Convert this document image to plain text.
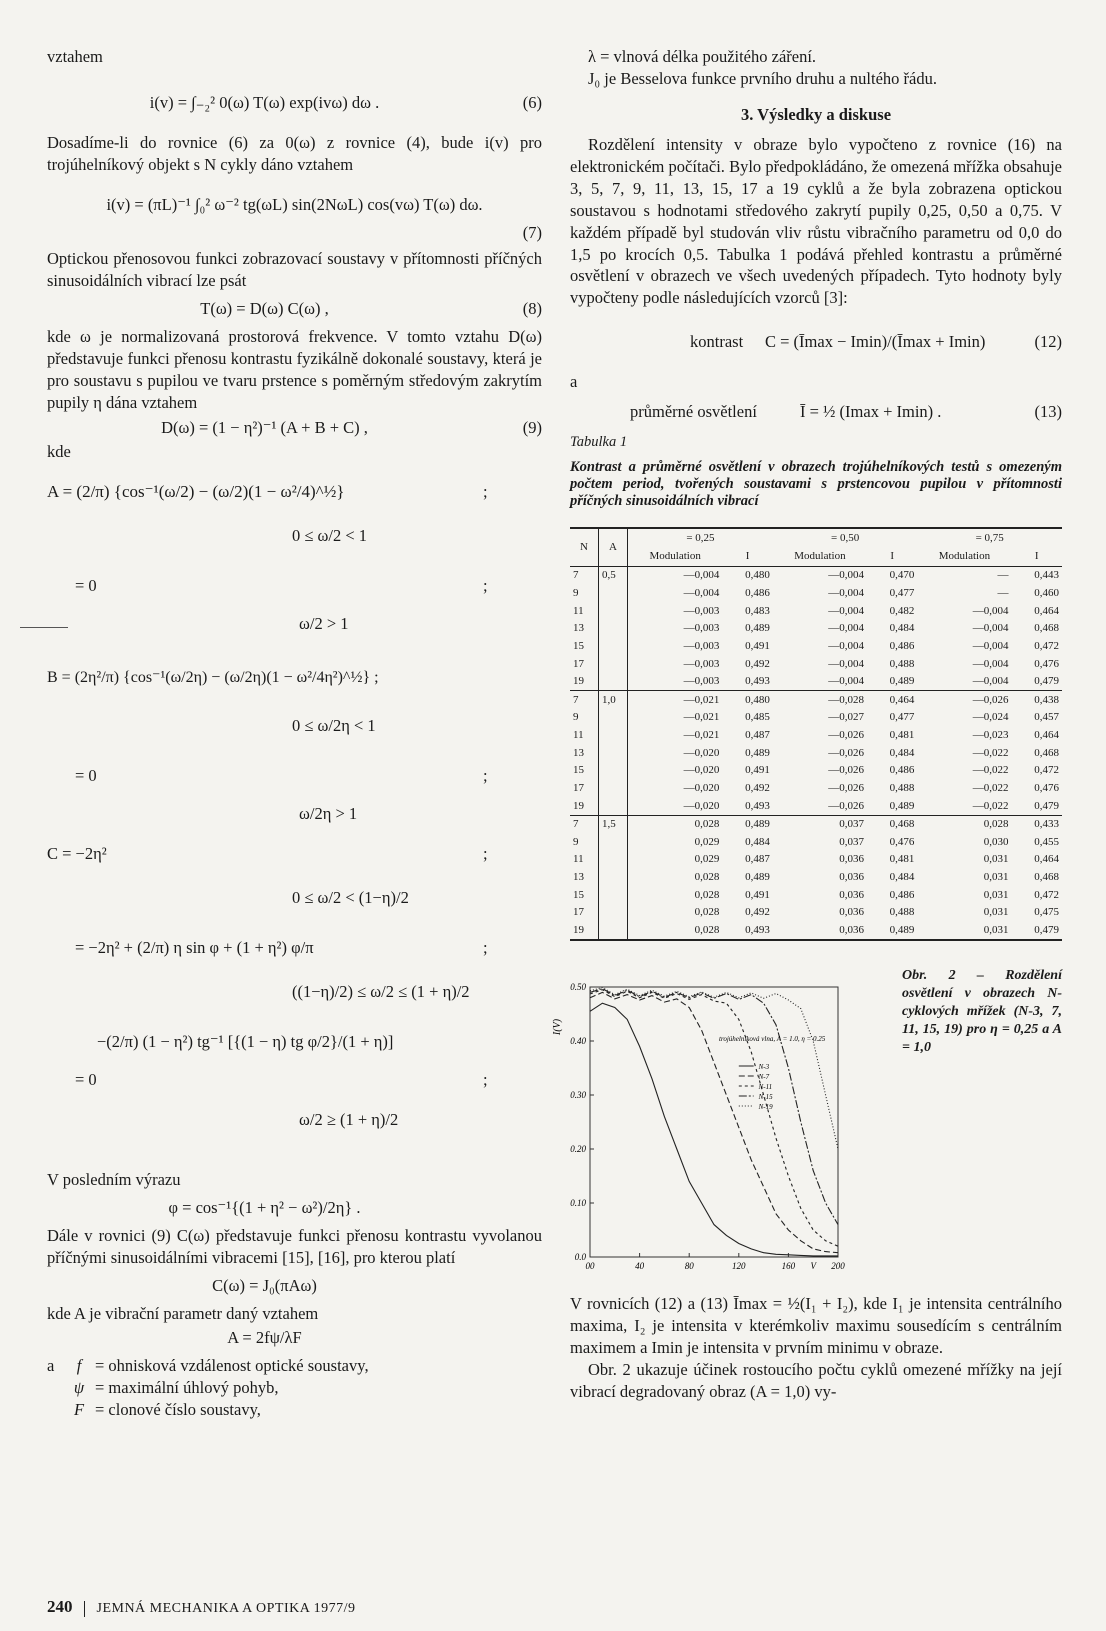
vztahem

i(v) = ∫₋₂² 0(ω) T(ω) exp(ivω) dω .	(6)

Dosadíme-li do rovnice (6) za 0(ω) z rovnice (4), bude i(v) pro trojúhelníkový objekt s N cykly dáno vztahem

i(v) = (πL)⁻¹ ∫₀² ω⁻² tg(ωL) sin(2NωL) cos(vω) T(ω) dω.
(7)

Optickou přenosovou funkci zobrazovací soustavy v přítomnosti příčných sinusoidálních vibrací lze psát

T(ω) = D(ω) C(ω) ,	(8)

kde ω je normalizovaná prostorová frekvence. V tomto vztahu D(ω) představuje funkci přenosu kontrastu fyzikálně dokonalé soustavy, která je pro soustavu s pupilou ve tvaru prstence s poměrným středovým zakrytím pupily η dána vztahem

D(ω) = (1 − η²)⁻¹ (A + B + C) ,	(9)

kde

A = (2/π) {cos⁻¹(ω/2) − (ω/2)(1 − ω²/4)^½}	;
0 ≤ ω/2 < 1
= 0	;
ω/2 > 1
B = (2η²/π) {cos⁻¹(ω/2η) − (ω/2η)(1 − ω²/4η²)^½} ;
0 ≤ ω/2η < 1
= 0	;
ω/2η > 1
C = −2η²	;
0 ≤ ω/2 < (1−η)/2
= −2η² + (2/π) η sin φ + (1 + η²) φ/π	;
((1−η)/2) ≤ ω/2 ≤ (1 + η)/2
−(2/π) (1 − η²) tg⁻¹ [{(1 − η) tg φ/2}/(1 + η)]
= 0	;
ω/2 ≥ (1 + η)/2

V posledním výrazu

φ = cos⁻¹{(1 + η² − ω²)/2η} .

Dále v rovnici (9) C(ω) představuje funkci přenosu kontrastu vyvolanou příčnými sinusoidálními vibracemi [15], [16], pro kterou platí

C(ω) = J₀(πAω)

kde A je vibrační parametr daný vztahem

A = 2fψ/λF
a	f = ohnisková vzdálenost optické soustavy,
ψ = maximální úhlový pohyb,
F = clonové číslo soustavy,

λ = vlnová délka použitého záření.

J₀ je Besselova funkce prvního druhu a nultého řádu.

3. Výsledky a diskuse

Rozdělení intensity v obraze bylo vypočteno z rovnice (16) na elektronickém počítači. Bylo předpokládáno, že omezená mřížka obsahuje 3, 5, 7, 9, 11, 13, 15, 17 a 19 cyklů a že byla zobrazena optickou soustavou s hodnotami středového zakrytí pupily 0,25, 0,50 a 0,75. V každém případě byl studován vliv růstu vibračního parametru od 0,0 do 1,5 po krocích 0,5. Tabulka 1 podává přehled kontrastu a průměrné osvětlení v obrazech ve všech uvedených případech. Tyto hodnoty byly vypočteny podle následujících vzorců [3]:

kontrast C = (Īmax − Imin)/(Īmax + Imin)	(12)

a

průměrné osvětlení	Ī = ½ (Imax + Imin) .	(13)

Tabulka 1

Kontrast a průměrné osvětlení v obrazech trojúhelníkových testů s omezeným počtem period, tvořených soustavami s prstencovou pupilou v přítomnosti příčných sinusoidálních vibrací

N	A	= 0,25		= 0,50		= 0,75	
		Modulation	I	Modulation	I	Modulation	I
7	0,5	—0,004	0,480	—0,004	0,470	—	0,443
9		—0,004	0,486	—0,004	0,477	—	0,460
11		—0,003	0,483	—0,004	0,482	—0,004	0,464
13		—0,003	0,489	—0,004	0,484	—0,004	0,468
15		—0,003	0,491	—0,004	0,486	—0,004	0,472
17		—0,003	0,492	—0,004	0,488	—0,004	0,476
19		—0,003	0,493	—0,004	0,489	—0,004	0,479
7	1,0	—0,021	0,480	—0,028	0,464	—0,026	0,438
9		—0,021	0,485	—0,027	0,477	—0,024	0,457
11		—0,021	0,487	—0,026	0,481	—0,023	0,464
13		—0,020	0,489	—0,026	0,484	—0,022	0,468
15		—0,020	0,491	—0,026	0,486	—0,022	0,472
17		—0,020	0,492	—0,026	0,488	—0,022	0,476
19		—0,020	0,493	—0,026	0,489	—0,022	0,479
7	1,5	0,028	0,489	0,037	0,468	0,028	0,433
9		0,029	0,484	0,037	0,476	0,030	0,455
11		0,029	0,487	0,036	0,481	0,031	0,464
13		0,028	0,489	0,036	0,484	0,031	0,468
15		0,028	0,491	0,036	0,486	0,031	0,472
17		0,028	0,492	0,036	0,488	0,031	0,475
19		0,028	0,493	0,036	0,489	0,031	0,479
0.0
0.10
0.20
0.30
0.40
0.50
00	40	80	120	160 V 200
I(V)
trojúhelníková vlna, A = 1.0, η = 0.25
N-3
N-7
N-11
N-15
N-19

Obr. 2 – Rozdělení osvětlení v obrazech N-cyklových mřížek (N-3, 7, 11, 15, 19) pro η = 0,25 a A = 1,0

V rovnicích (12) a (13) Īmax = ½(I₁ + I₂), kde I₁ je intensita centrálního maxima, I₂ je intensita v kterémkoliv maximu sousedícím s centrálním maximem a Imin je intensita v prvním minimu v obraze.

Obr. 2 ukazuje účinek rostoucího počtu cyklů omezené mřížky na její vibrací degradovaný obraz (A = 1,0) vy-

240 JEMNÁ MECHANIKA A OPTIKA 1977/9
